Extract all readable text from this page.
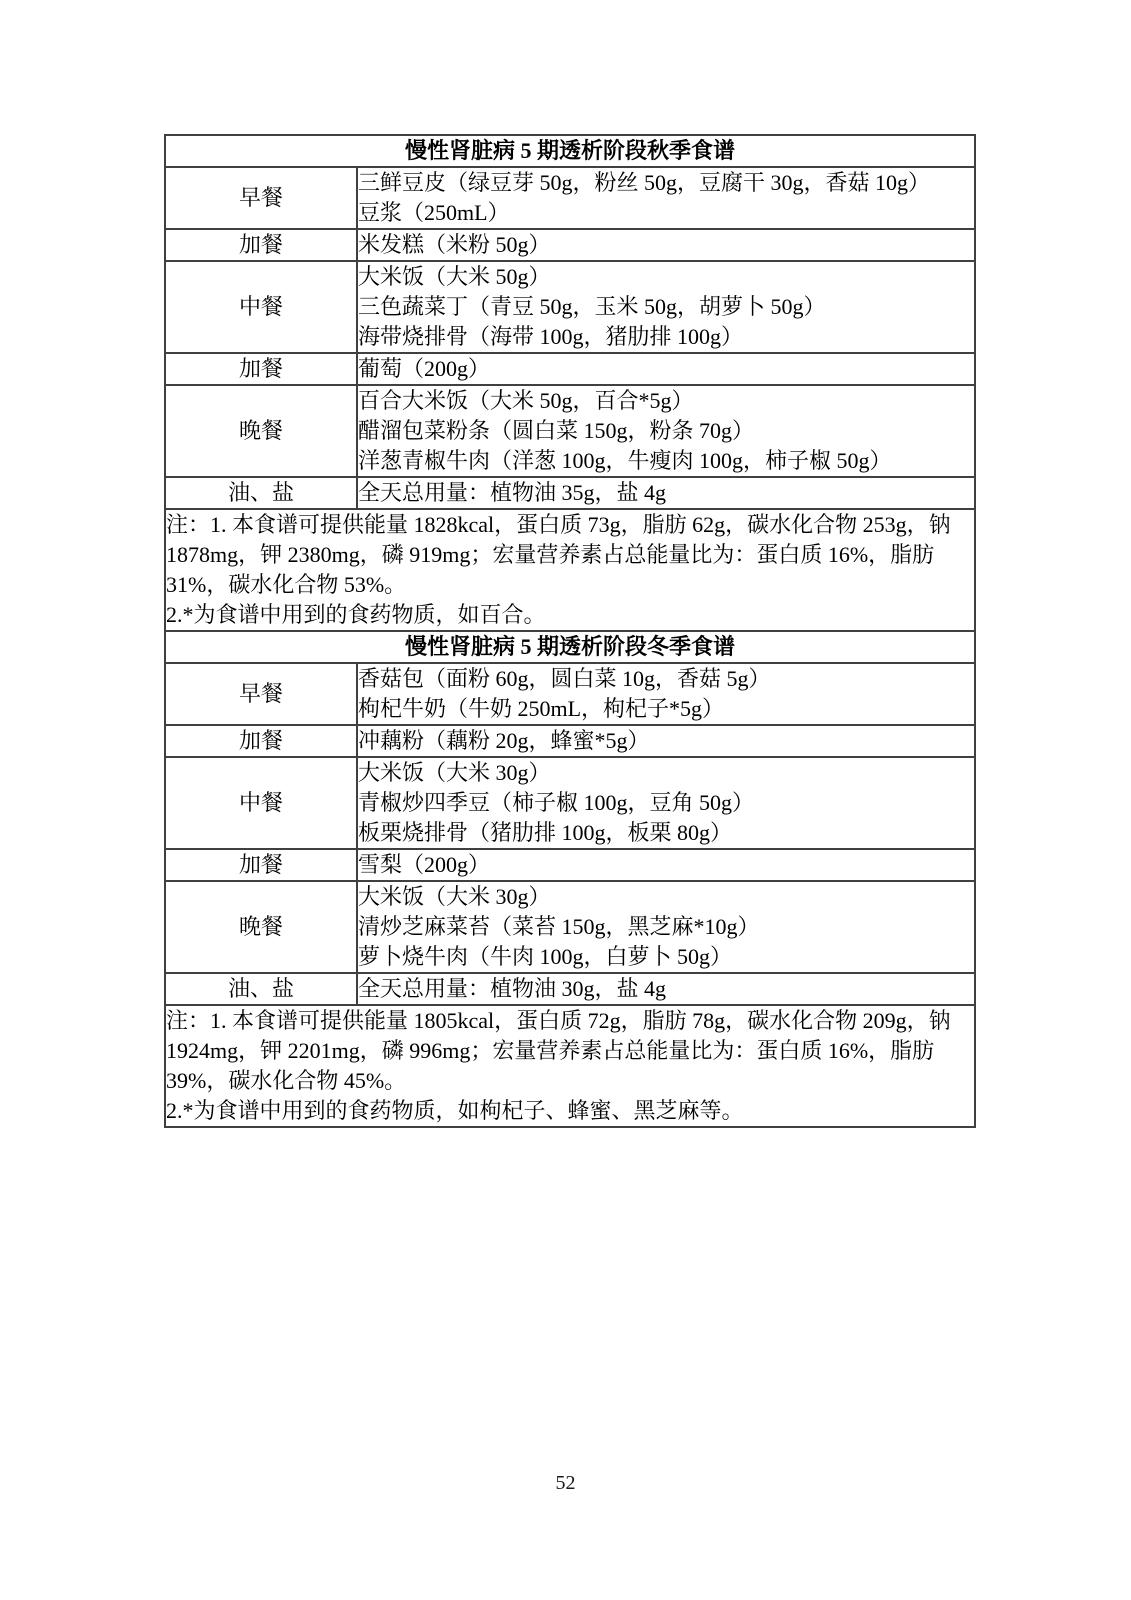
慢性肾脏病 5 期透析阶段秋季食谱	
早餐	三鲜豆皮（绿豆芽 50g，粉丝 50g，豆腐干 30g，香菇 10g）
豆浆（250mL）

加餐	米发糕（米粉 50g）

中餐	大米饭（大米 50g）
三色蔬菜丁（青豆 50g，玉米 50g，胡萝卜 50g）
海带烧排骨（海带 100g，猪肋排 100g）

加餐	葡萄（200g）

晚餐	百合大米饭（大米 50g，百合*5g）
醋溜包菜粉条（圆白菜 150g，粉条 70g）
洋葱青椒牛肉（洋葱 100g，牛瘦肉 100g，柿子椒 50g）

油、盐	全天总用量：植物油 35g，盐 4g

注：1. 本食谱可提供能量 1828kcal，蛋白质 73g，脂肪 62g，碳水化合物 253g，钠 1878mg，钾 2380mg，磷 919mg；宏量营养素占总能量比为：蛋白质 16%，脂肪 31%，碳水化合物 53%。
2.*为食谱中用到的食药物质，如百合。	

慢性肾脏病 5 期透析阶段冬季食谱	
早餐	香菇包（面粉 60g，圆白菜 10g，香菇 5g）
枸杞牛奶（牛奶 250mL，枸杞子*5g）

加餐	冲藕粉（藕粉 20g，蜂蜜*5g）

中餐	大米饭（大米 30g）
青椒炒四季豆（柿子椒 100g，豆角 50g）
板栗烧排骨（猪肋排 100g，板栗 80g）

加餐	雪梨（200g）

晚餐	大米饭（大米 30g）
清炒芝麻菜苔（菜苔 150g，黑芝麻*10g）
萝卜烧牛肉（牛肉 100g，白萝卜 50g）

油、盐	全天总用量：植物油 30g，盐 4g

注：1. 本食谱可提供能量 1805kcal，蛋白质 72g，脂肪 78g，碳水化合物 209g，钠 1924mg，钾 2201mg，磷 996mg；宏量营养素占总能量比为：蛋白质 16%，脂肪 39%，碳水化合物 45%。
2.*为食谱中用到的食药物质，如枸杞子、蜂蜜、黑芝麻等。	
52
